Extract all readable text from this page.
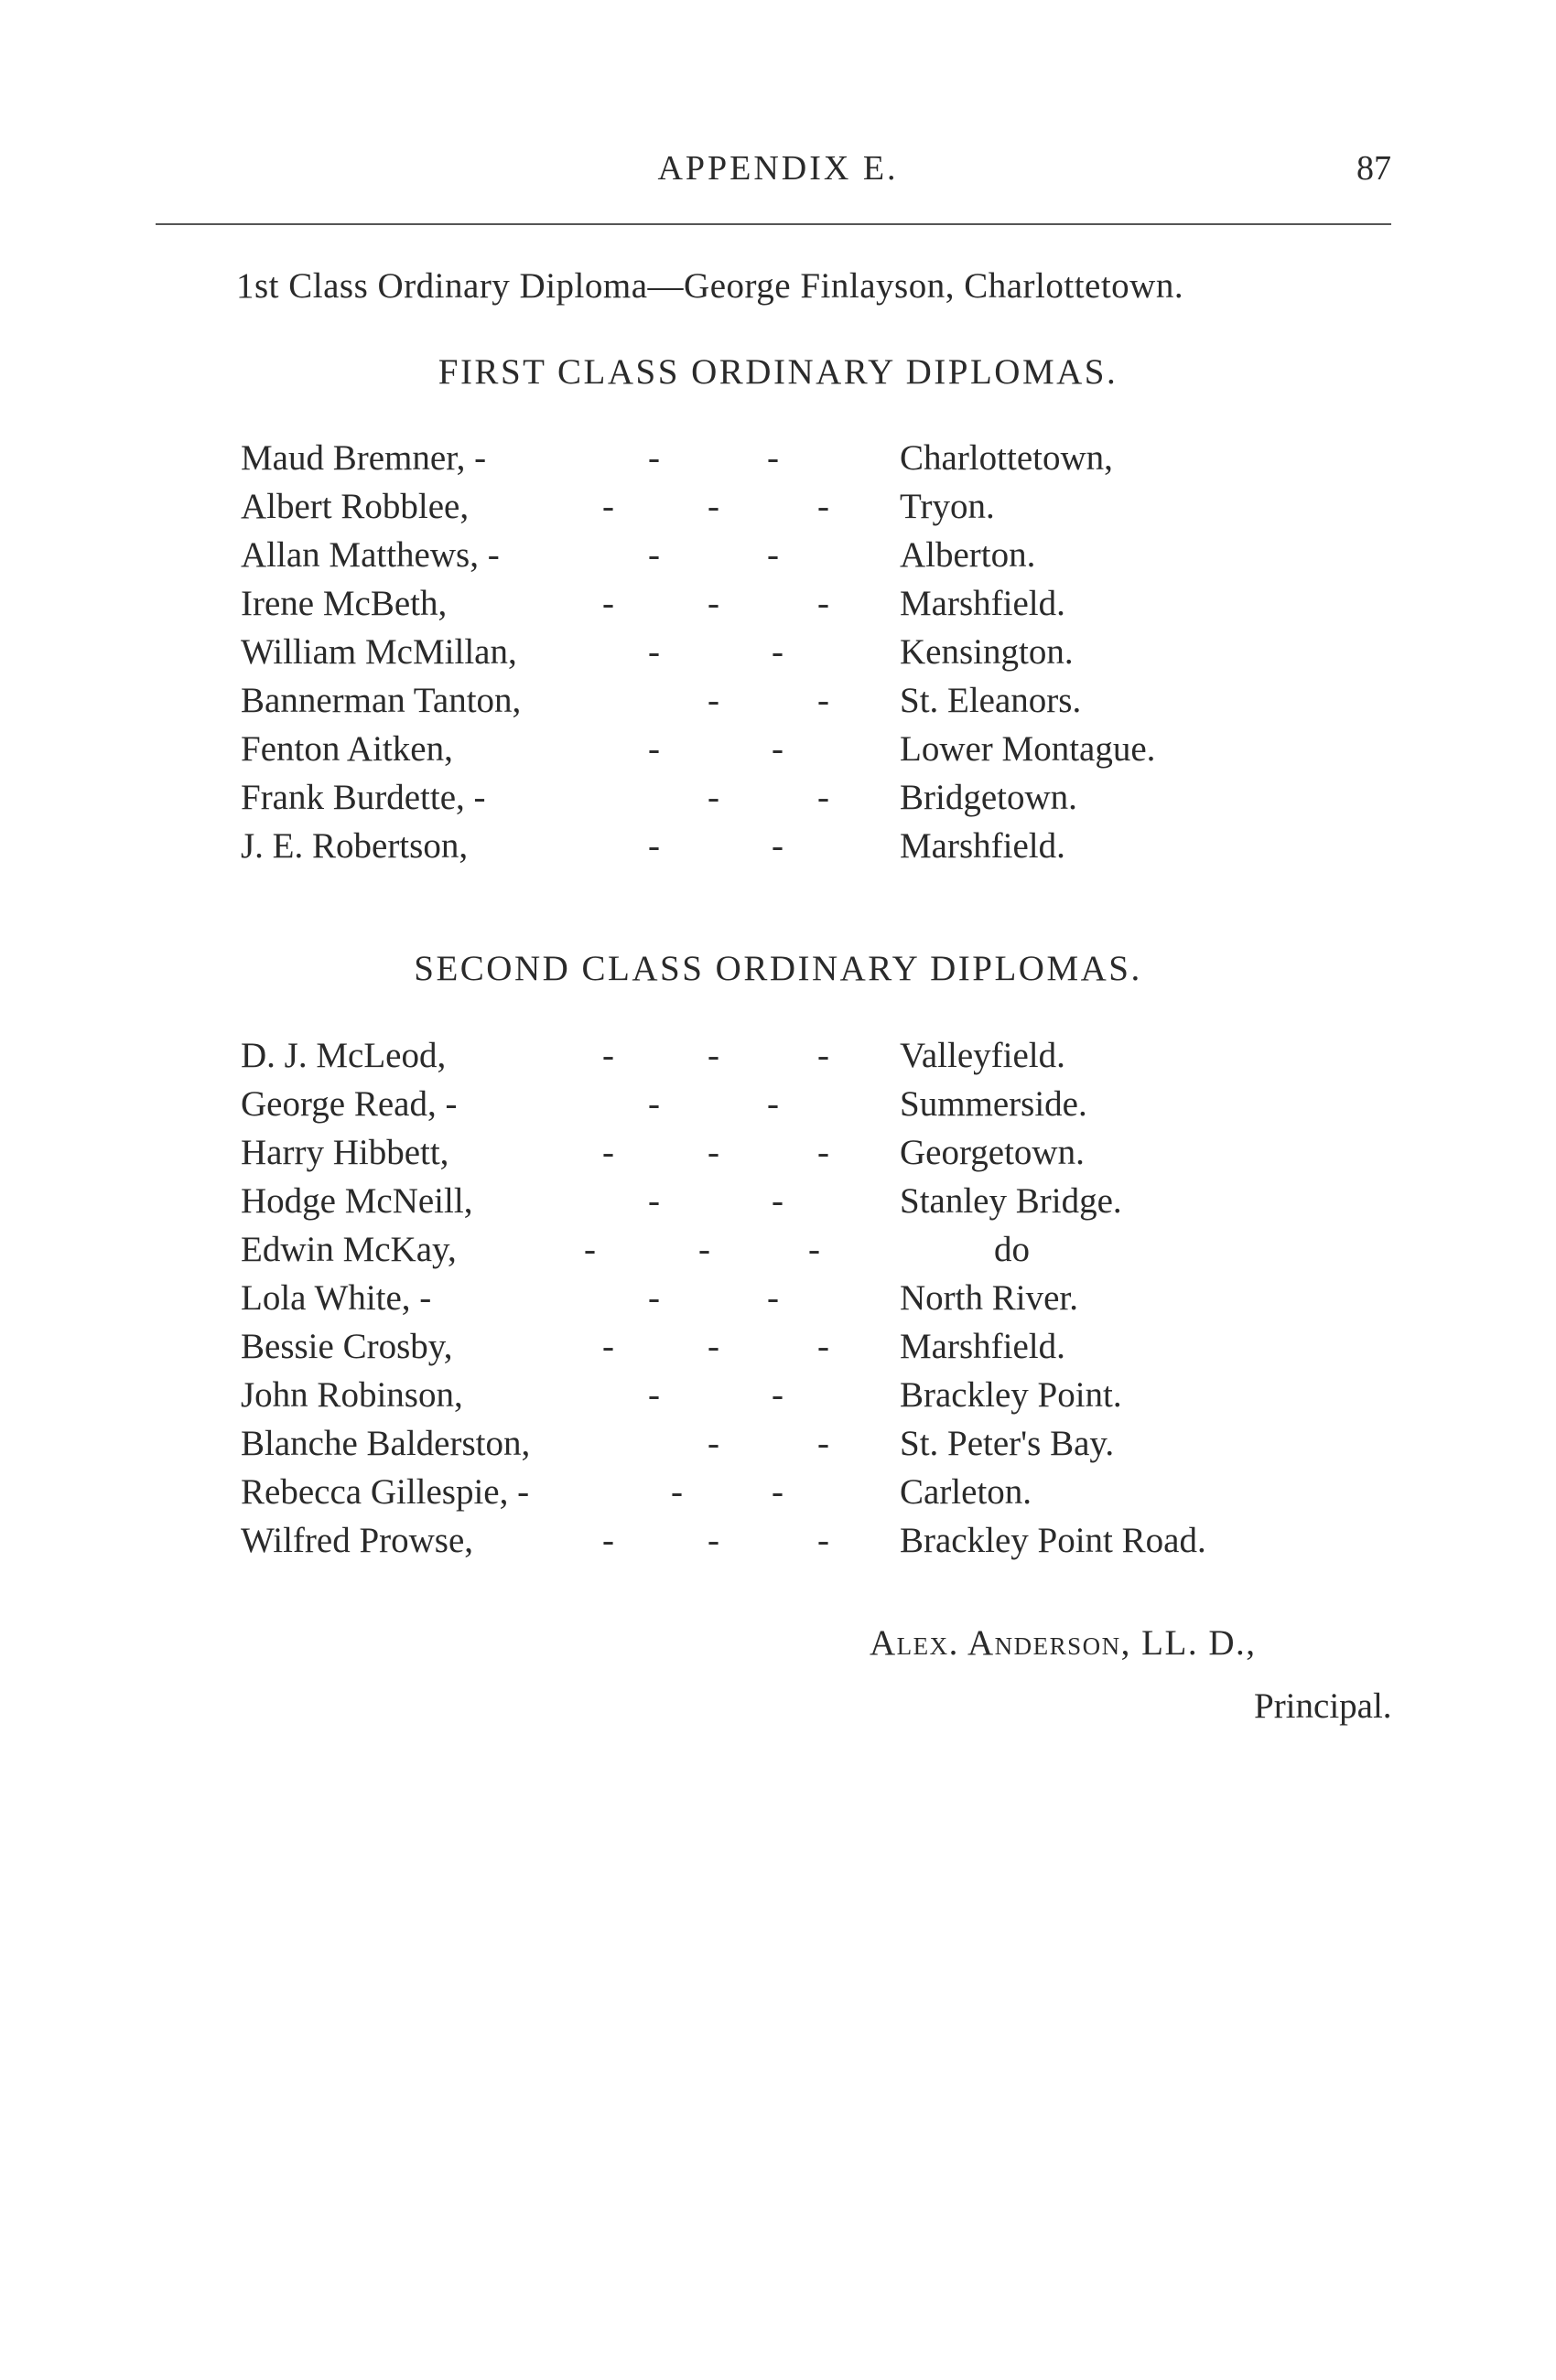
APPENDIX E.	87
1st Class Ordinary Diploma—George Finlayson, Charlottetown.
FIRST CLASS ORDINARY DIPLOMAS.
Maud Bremner, -	-	-	Charlottetown,
Albert Robblee,	-	-	- Tryon.
Allan Matthews, -	-	-	Alberton.
Irene McBeth,	-	-	- Marshfield.
William McMillan,	-	-	Kensington.
Bannerman Tanton,	-	- St. Eleanors.
Fenton Aitken,	-	-	Lower Montague.
Frank Burdette, -	-	- Bridgetown.
J. E. Robertson,	-	-	Marshfield.
SECOND CLASS ORDINARY DIPLOMAS.
D. J. McLeod,	-	-	- Valleyfield.
George Read, -	-	-	Summerside.
Harry Hibbett,	-	-	- Georgetown.
Hodge McNeill,	-	-	Stanley Bridge.
Edwin McKay,	-	-	-	do
Lola White, -	-	-	North River.
Bessie Crosby,	-	-	- Marshfield.
John Robinson,	-	-	Brackley Point.
Blanche Balderston,	-	- St. Peter's Bay.
Rebecca Gillespie, -	- -	Carleton.
Wilfred Prowse,	-	-	- Brackley Point Road.
Alex. Anderson, LL. D.,
Principal.
